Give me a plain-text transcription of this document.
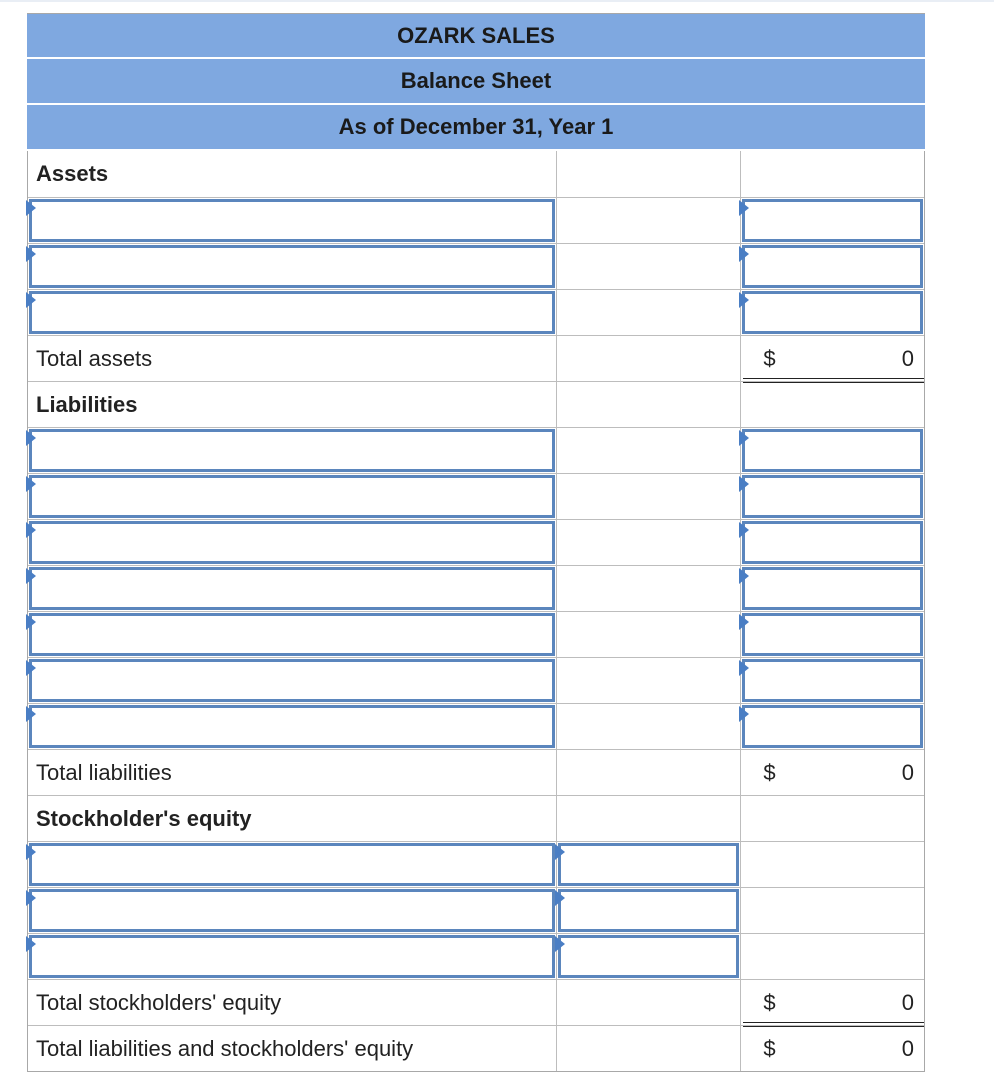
OZARK SALES
Balance Sheet
As of December 31, Year 1
Assets
Total assets	$	0
Liabilities
Total liabilities	$	0
Stockholder's equity
Total stockholders' equity	$	0
Total liabilities and stockholders' equity	$	0
